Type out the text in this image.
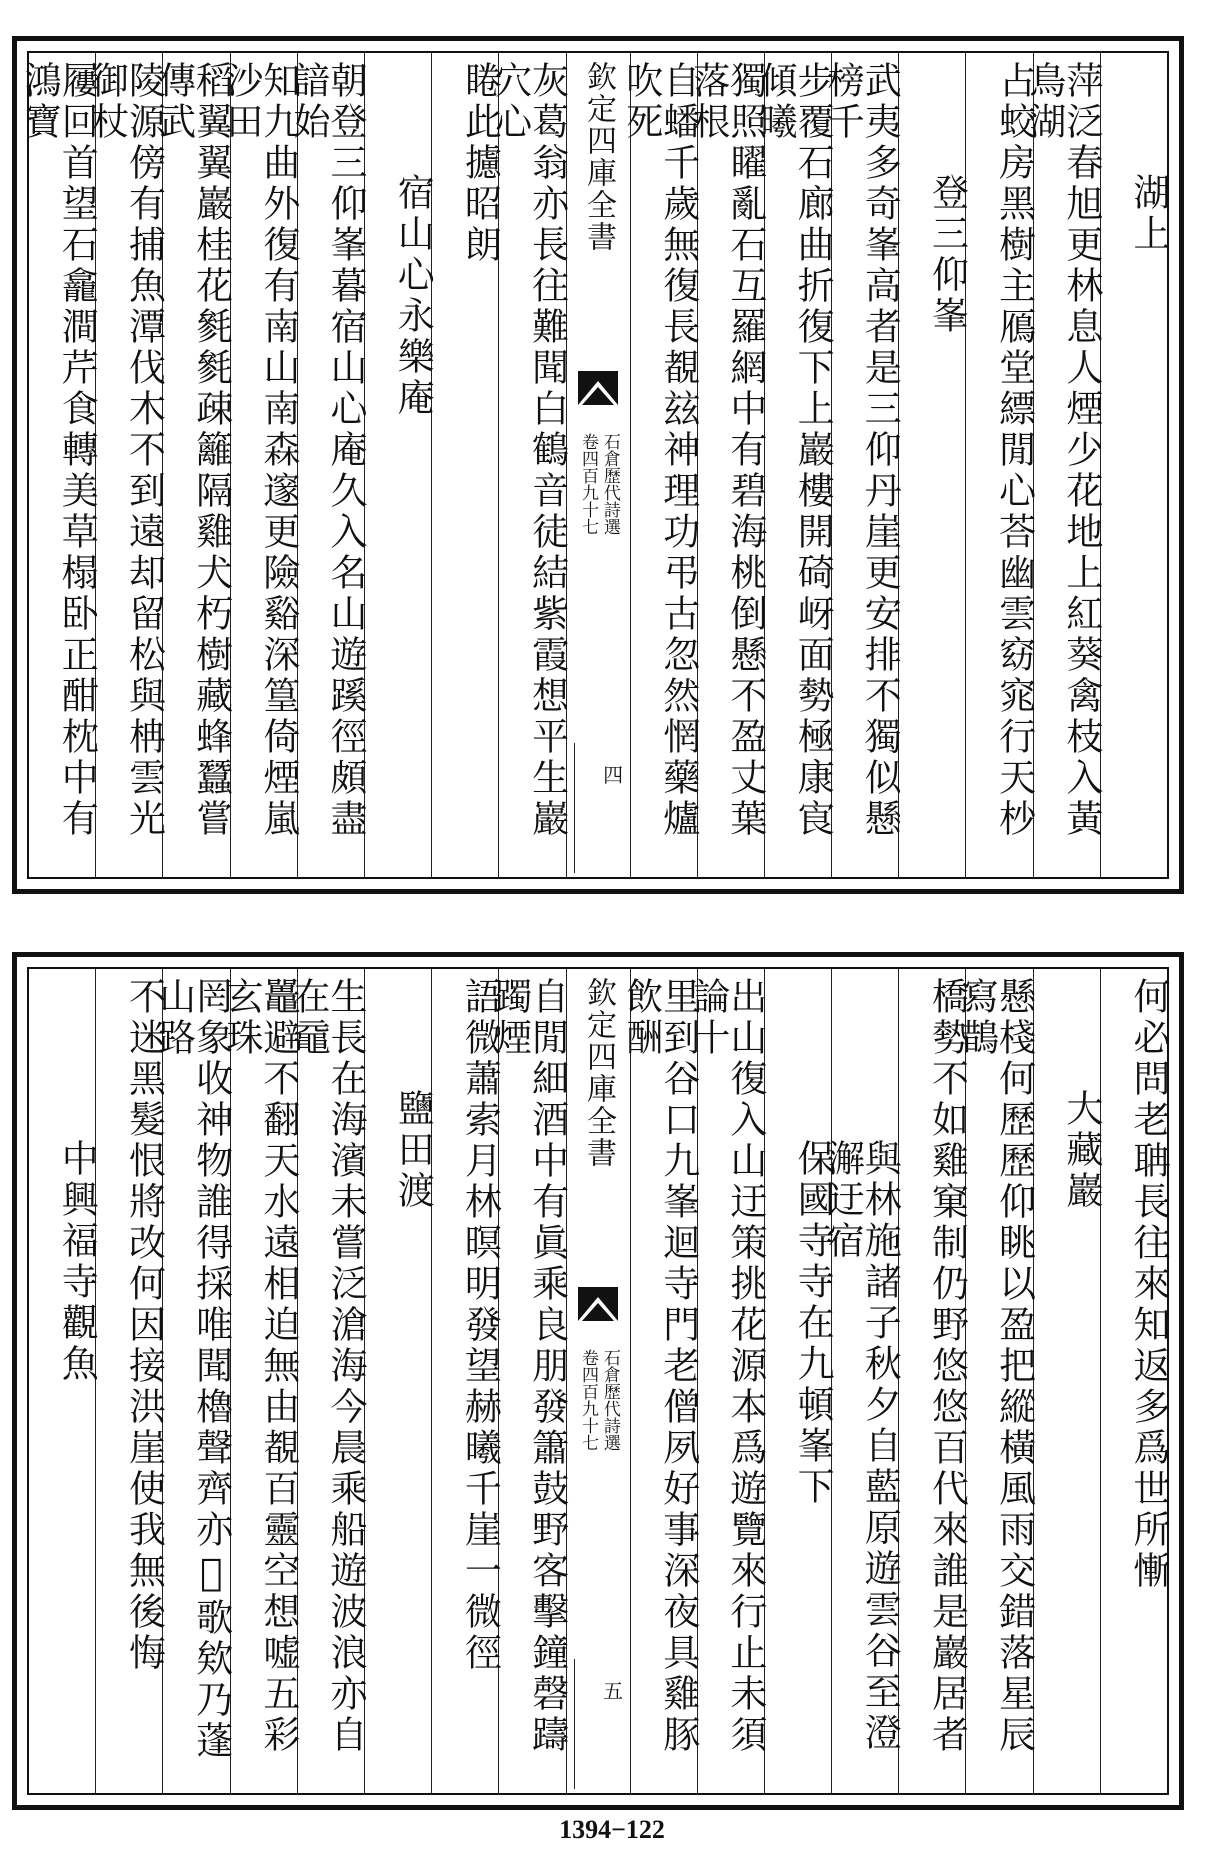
湖上
萍泛春旭更林息人煙少花地上紅葵禽枝入黃鳥湖
占蛟房黑樹主鴈堂縹閒心荅幽雲窈窕行天杪
登三仰峯
武夷多奇峯高者是三仰丹崖更安排不獨似懸榜千
步覆石廊曲折復下上巖樓開碕岈面勢極康㝗傾曦
獨照矅亂石互羅網中有碧海桃倒懸不盈丈葉落根
自蟠千歲無復長覩玆神理功弔古忽然惘藥爐吹死
欽定四庫全書
石倉歷代詩選
卷四百九十七
四
灰葛翁亦長往難聞白鶴音徒結紫霞想平生巖穴心
睠此攄昭朗
宿山心永樂庵
朝登三仰峯暮宿山心庵久入名山遊蹊徑頗盡諳始
知九曲外復有南山南森邃更險谿深篁倚煙嵐沙田
稻翼翼巖桂花毿毿疎籬隔雞犬朽樹藏蜂蠶嘗傳武
陵源傍有捕魚潭伐木不到遠却留松與柟雲光御杖
屨回首望石龕澗芹食轉美草榻卧正酣枕中有鴻寶
何必問老聃長往來知返多爲世所慚
大藏巖
懸棧何歷歷仰眺以盈把縱橫風雨交錯落星辰寫鵲
橋勢不如雞窠制仍野悠悠百代來誰是巖居者
與林施諸子秋夕自藍原遊雲谷至澄澥迂宿
保國寺寺在九頓峯下
出山復入山迂策挑花源本爲遊覽來行止未須論十
里到谷口九峯迴寺門老僧夙好事深夜具雞豚飲酬
欽定四庫全書
石倉歷代詩選
卷四百九十七
五
自閒細酒中有眞乘良朋發簫鼓野客擊鐘磬躊躅煙
語微蕭索月林暝明發望赫曦千崖一微徑
鹽田渡
生長在海濱未嘗泛滄海今晨乘船遊波浪亦自在黿
鼉避不翻天水遠相迫無由覩百靈空想嘘五彩玄珠
罔象收神物誰得採唯聞櫓聲齊亦𢙣歌欸乃蓬山路
不迷黑髮恨將改何因接洪崖使我無後悔
中興福寺觀魚
1394−122
